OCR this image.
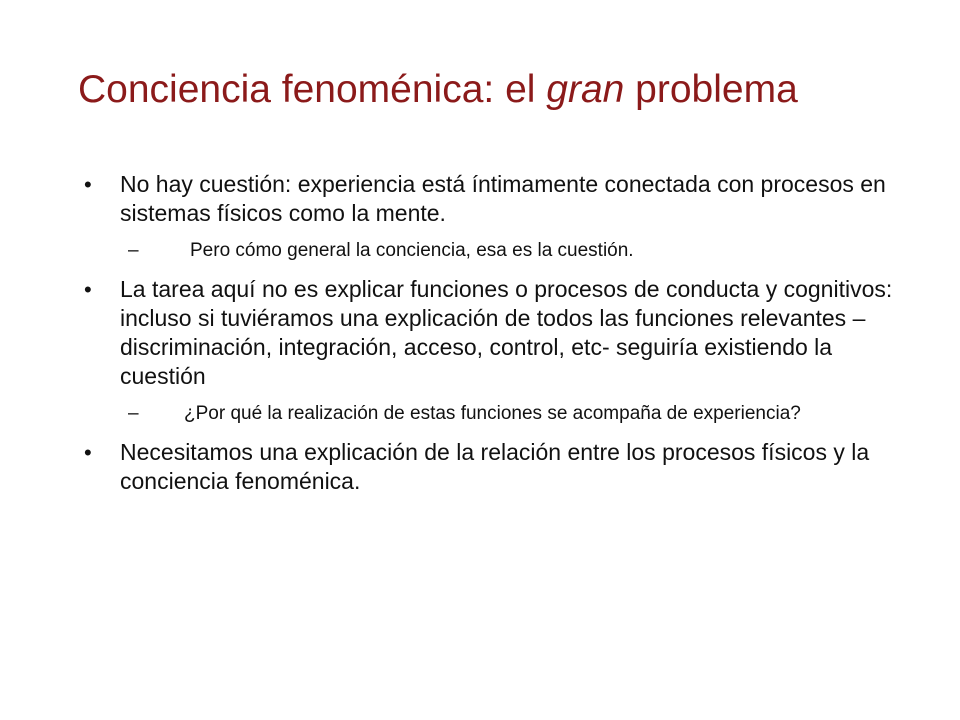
Conciencia fenoménica: el gran problema
• No hay cuestión: experiencia está íntimamente conectada con procesos en sistemas físicos como la mente.
–	Pero cómo general la conciencia, esa es la cuestión.
• La tarea aquí no es explicar funciones o procesos de conducta y cognitivos: incluso si tuviéramos una explicación de todos las funciones relevantes – discriminación, integración, acceso, control, etc- seguiría existiendo la cuestión
– ¿Por qué la realización de estas funciones se acompaña de experiencia?
• Necesitamos una explicación de la relación entre los procesos físicos y la conciencia fenoménica.
